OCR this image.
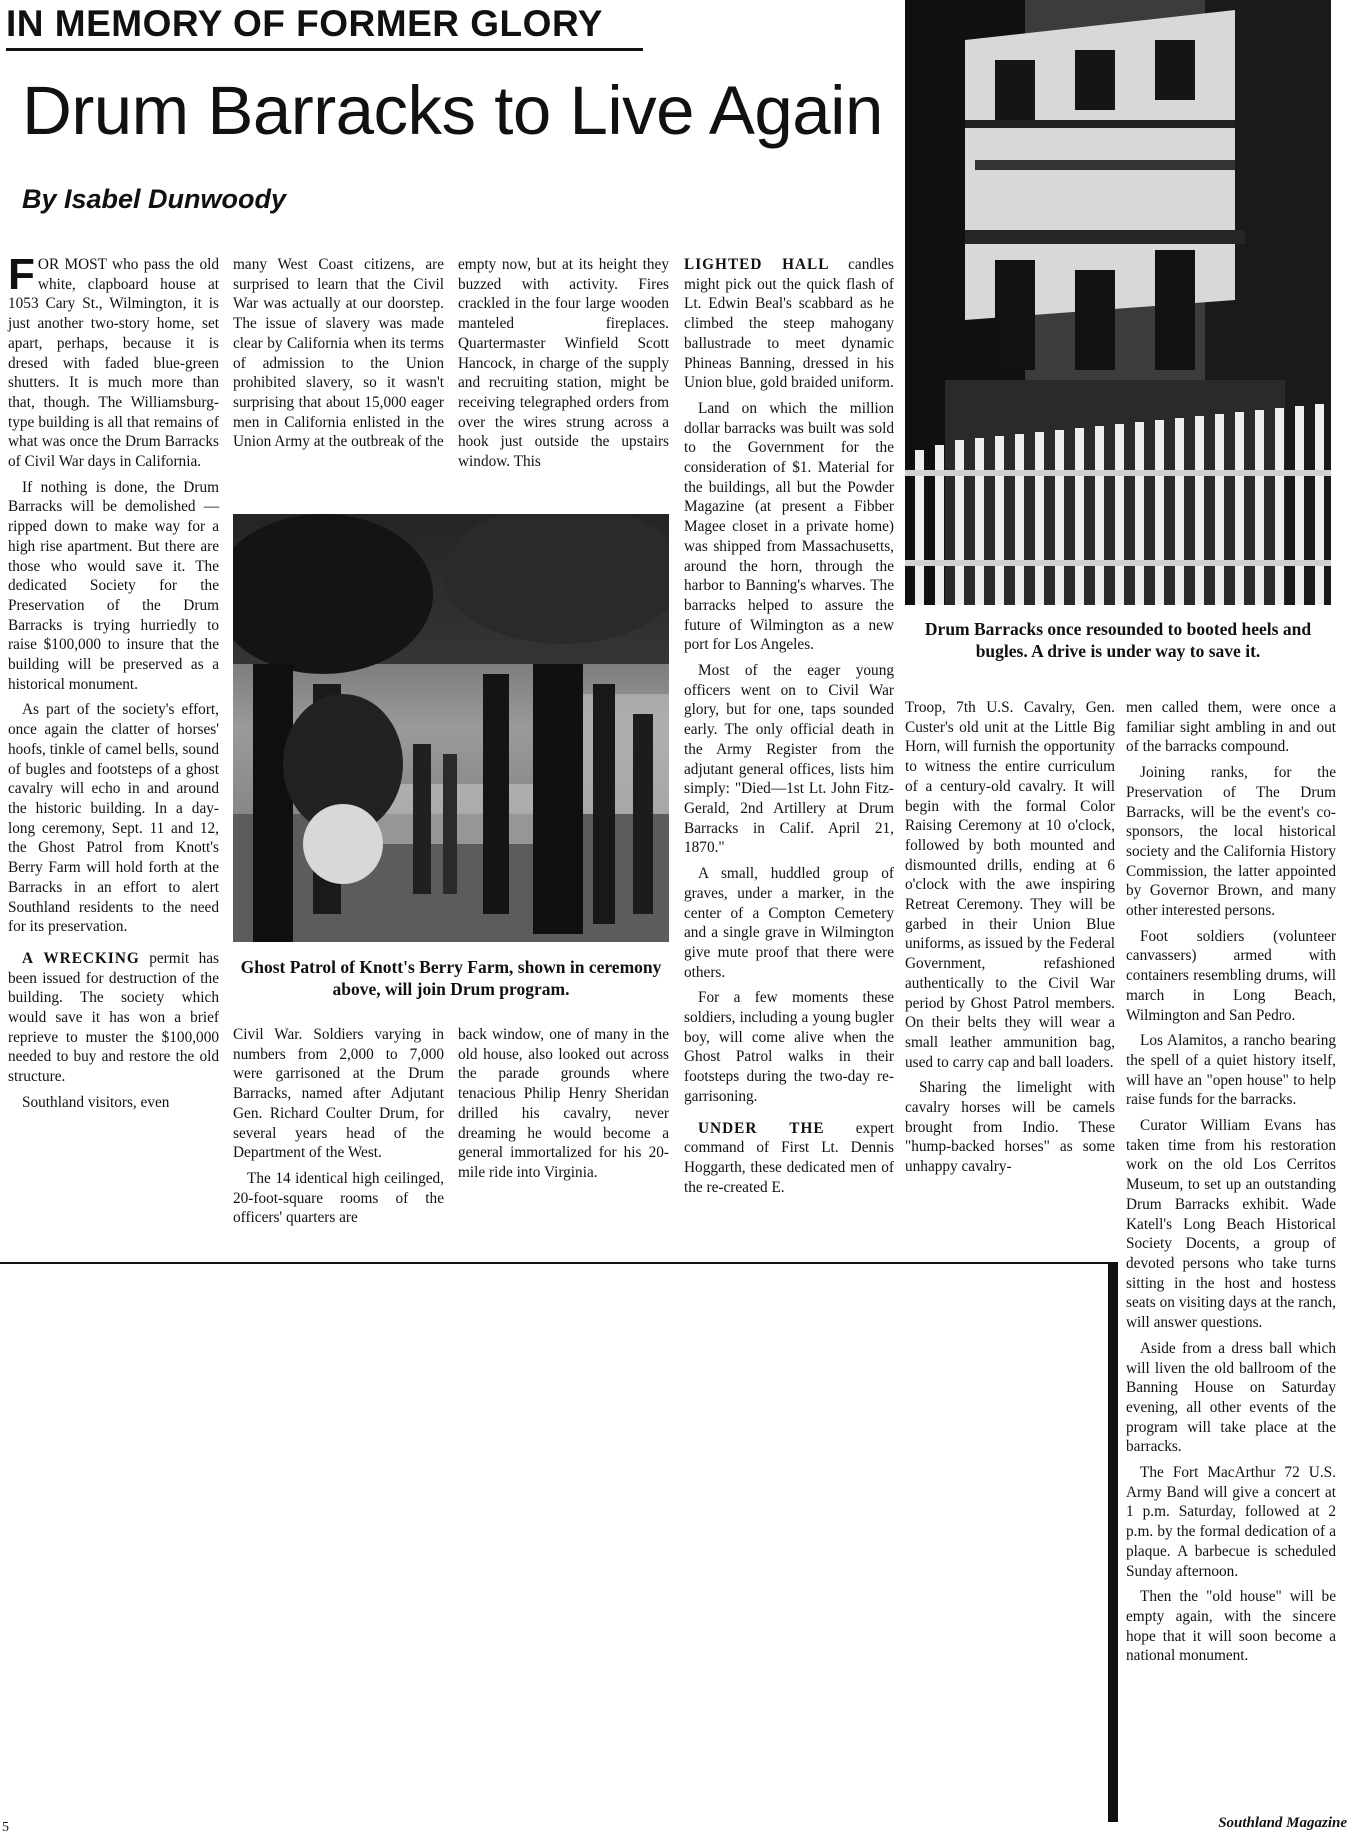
IN MEMORY OF FORMER GLORY
Drum Barracks to Live Again
By Isabel Dunwoody

FOR MOST who pass the old white, clapboard house at 1053 Cary St., Wilmington, it is just another two-story home, set apart, perhaps, because it is dresed with faded blue-green shutters. It is much more than that, though. The Williamsburg-type building is all that remains of what was once the Drum Barracks of Civil War days in California.

If nothing is done, the Drum Barracks will be demolished — ripped down to make way for a high rise apartment. But there are those who would save it. The dedicated Society for the Preservation of the Drum Barracks is trying hurriedly to raise $100,000 to insure that the building will be preserved as a historical monument.

As part of the society's effort, once again the clatter of horses' hoofs, tinkle of camel bells, sound of bugles and footsteps of a ghost cavalry will echo in and around the historic building. In a day-long ceremony, Sept. 11 and 12, the Ghost Patrol from Knott's Berry Farm will hold forth at the Barracks in an effort to alert Southland residents to the need for its preservation.

A WRECKING permit has been issued for destruction of the building. The society which would save it has won a brief reprieve to muster the $100,000 needed to buy and restore the old structure.

Southland visitors, even

many West Coast citizens, are surprised to learn that the Civil War was actually at our doorstep. The issue of slavery was made clear by California when its terms of admission to the Union prohibited slavery, so it wasn't surprising that about 15,000 eager men in California enlisted in the Union Army at the outbreak of the

empty now, but at its height they buzzed with activity. Fires crackled in the four large wooden manteled fireplaces. Quartermaster Winfield Scott Hancock, in charge of the supply and recruiting station, might be receiving telegraphed orders from over the wires strung across a hook just outside the upstairs window. This

Ghost Patrol of Knott's Berry Farm, shown in ceremony above, will join Drum program.

Civil War. Soldiers varying in numbers from 2,000 to 7,000 were garrisoned at the Drum Barracks, named after Adjutant Gen. Richard Coulter Drum, for several years head of the Department of the West.

The 14 identical high ceilinged, 20-foot-square rooms of the officers' quarters are

back window, one of many in the old house, also looked out across the parade grounds where tenacious Philip Henry Sheridan drilled his cavalry, never dreaming he would become a general immortalized for his 20-mile ride into Virginia.

LIGHTED HALL candles might pick out the quick flash of Lt. Edwin Beal's scabbard as he climbed the steep mahogany ballustrade to meet dynamic Phineas Banning, dressed in his Union blue, gold braided uniform.

Land on which the million dollar barracks was built was sold to the Government for the consideration of $1. Material for the buildings, all but the Powder Magazine (at present a Fibber Magee closet in a private home) was shipped from Massachusetts, around the horn, through the harbor to Banning's wharves. The barracks helped to assure the future of Wilmington as a new port for Los Angeles.

Most of the eager young officers went on to Civil War glory, but for one, taps sounded early. The only official death in the Army Register from the adjutant general offices, lists him simply: "Died—1st Lt. John Fitz-Gerald, 2nd Artillery at Drum Barracks in Calif. April 21, 1870."

A small, huddled group of graves, under a marker, in the center of a Compton Cemetery and a single grave in Wilmington give mute proof that there were others.

For a few moments these soldiers, including a young bugler boy, will come alive when the Ghost Patrol walks in their footsteps during the two-day re-garrisoning.

UNDER THE expert command of First Lt. Dennis Hoggarth, these dedicated men of the re-created E.

Drum Barracks once resounded to booted heels and bugles. A drive is under way to save it.

Troop, 7th U.S. Cavalry, Gen. Custer's old unit at the Little Big Horn, will furnish the opportunity to witness the entire curriculum of a century-old cavalry. It will begin with the formal Color Raising Ceremony at 10 o'clock, followed by both mounted and dismounted drills, ending at 6 o'clock with the awe inspiring Retreat Ceremony. They will be garbed in their Union Blue uniforms, as issued by the Federal Government, refashioned authentically to the Civil War period by Ghost Patrol members. On their belts they will wear a small leather ammunition bag, used to carry cap and ball loaders.

Sharing the limelight with cavalry horses will be camels brought from Indio. These "hump-backed horses" as some unhappy cavalry-

men called them, were once a familiar sight ambling in and out of the barracks compound.

Joining ranks, for the Preservation of The Drum Barracks, will be the event's co-sponsors, the local historical society and the California History Commission, the latter appointed by Governor Brown, and many other interested persons.

Foot soldiers (volunteer canvassers) armed with containers resembling drums, will march in Long Beach, Wilmington and San Pedro.

Los Alamitos, a rancho bearing the spell of a quiet history itself, will have an "open house" to help raise funds for the barracks.

Curator William Evans has taken time from his restoration work on the old Los Cerritos Museum, to set up an outstanding Drum Barracks exhibit. Wade Katell's Long Beach Historical Society Docents, a group of devoted persons who take turns sitting in the host and hostess seats on visiting days at the ranch, will answer questions.

Aside from a dress ball which will liven the old ballroom of the Banning House on Saturday evening, all other events of the program will take place at the barracks.

The Fort MacArthur 72 U.S. Army Band will give a concert at 1 p.m. Saturday, followed at 2 p.m. by the formal dedication of a plaque. A barbecue is scheduled Sunday afternoon.

Then the "old house" will be empty again, with the sincere hope that it will soon become a national monument.

5	Southland Magazine
